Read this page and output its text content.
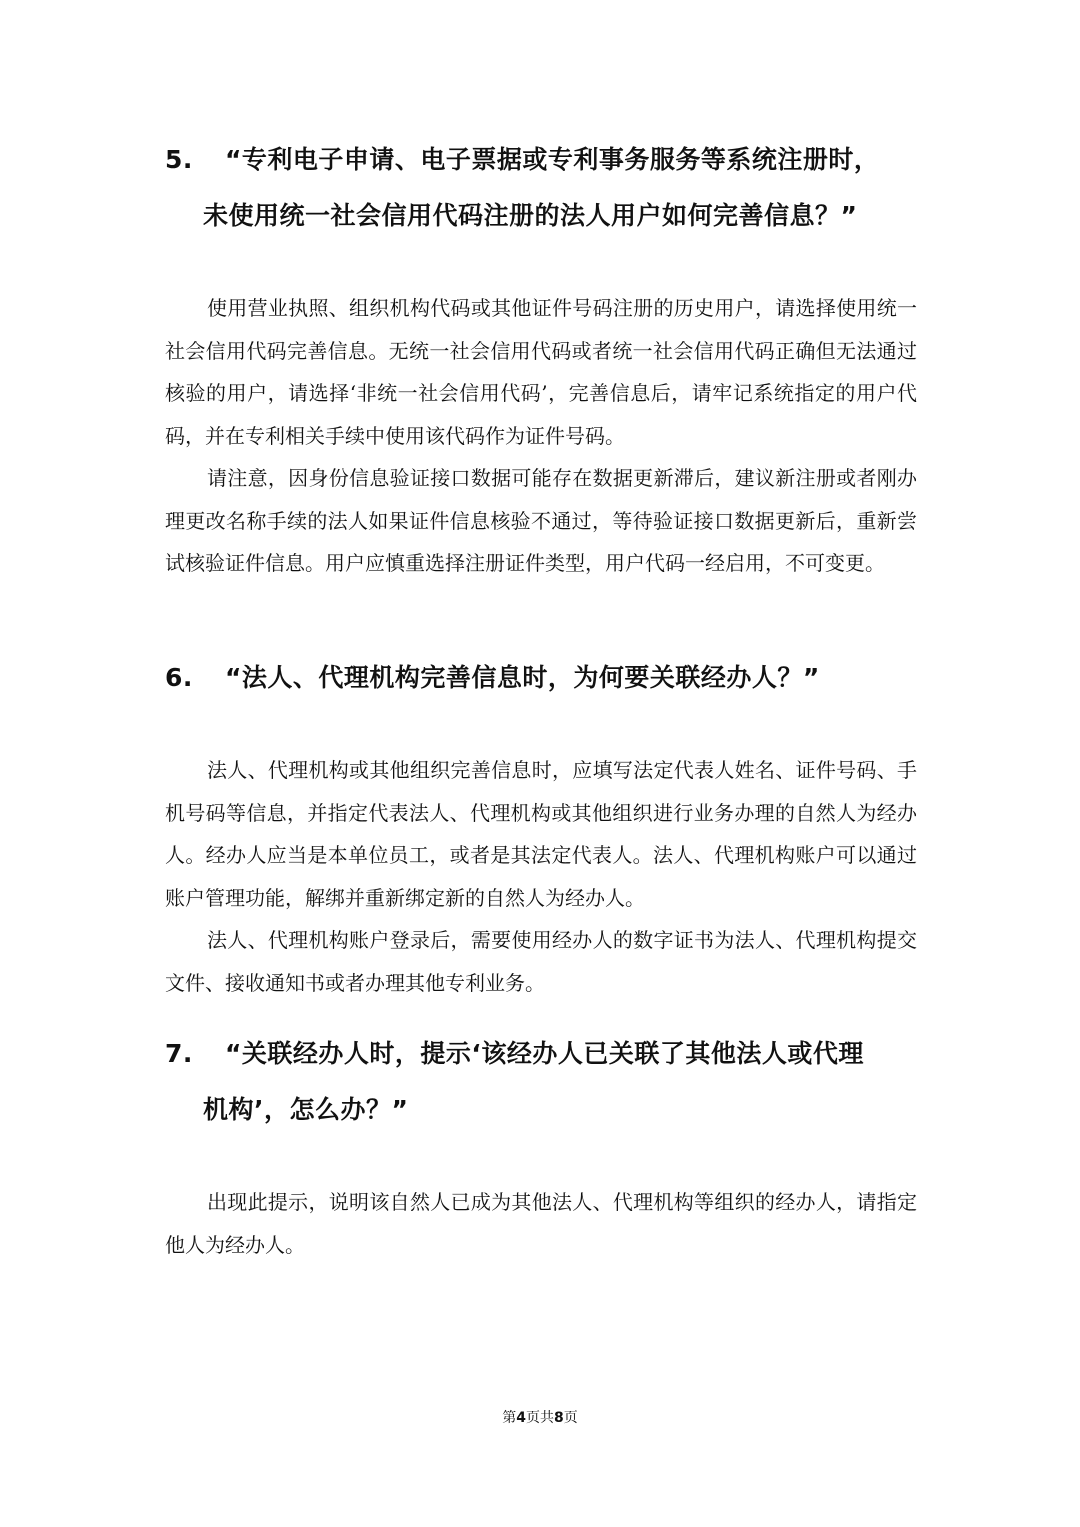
5. “专利电子申请、电子票据或专利事务服务等系统注册时，
未使用统一社会信用代码注册的法人用户如何完善信息？”

使用营业执照、组织机构代码或其他证件号码注册的历史用户，请选择使用统一社会信用代码完善信息。无统一社会信用代码或者统一社会信用代码正确但无法通过核验的用户，请选择‘非统一社会信用代码’，完善信息后，请牢记系统指定的用户代码，并在专利相关手续中使用该代码作为证件号码。

请注意，因身份信息验证接口数据可能存在数据更新滞后，建议新注册或者刚办理更改名称手续的法人如果证件信息核验不通过，等待验证接口数据更新后，重新尝试核验证件信息。用户应慎重选择注册证件类型，用户代码一经启用，不可变更。

6. “法人、代理机构完善信息时，为何要关联经办人？”

法人、代理机构或其他组织完善信息时，应填写法定代表人姓名、证件号码、手机号码等信息，并指定代表法人、代理机构或其他组织进行业务办理的自然人为经办人。经办人应当是本单位员工，或者是其法定代表人。法人、代理机构账户可以通过账户管理功能，解绑并重新绑定新的自然人为经办人。

法人、代理机构账户登录后，需要使用经办人的数字证书为法人、代理机构提交文件、接收通知书或者办理其他专利业务。

7. “关联经办人时，提示‘该经办人已关联了其他法人或代理
机构’，怎么办？”

出现此提示，说明该自然人已成为其他法人、代理机构等组织的经办人，请指定他人为经办人。

第4页共8页
